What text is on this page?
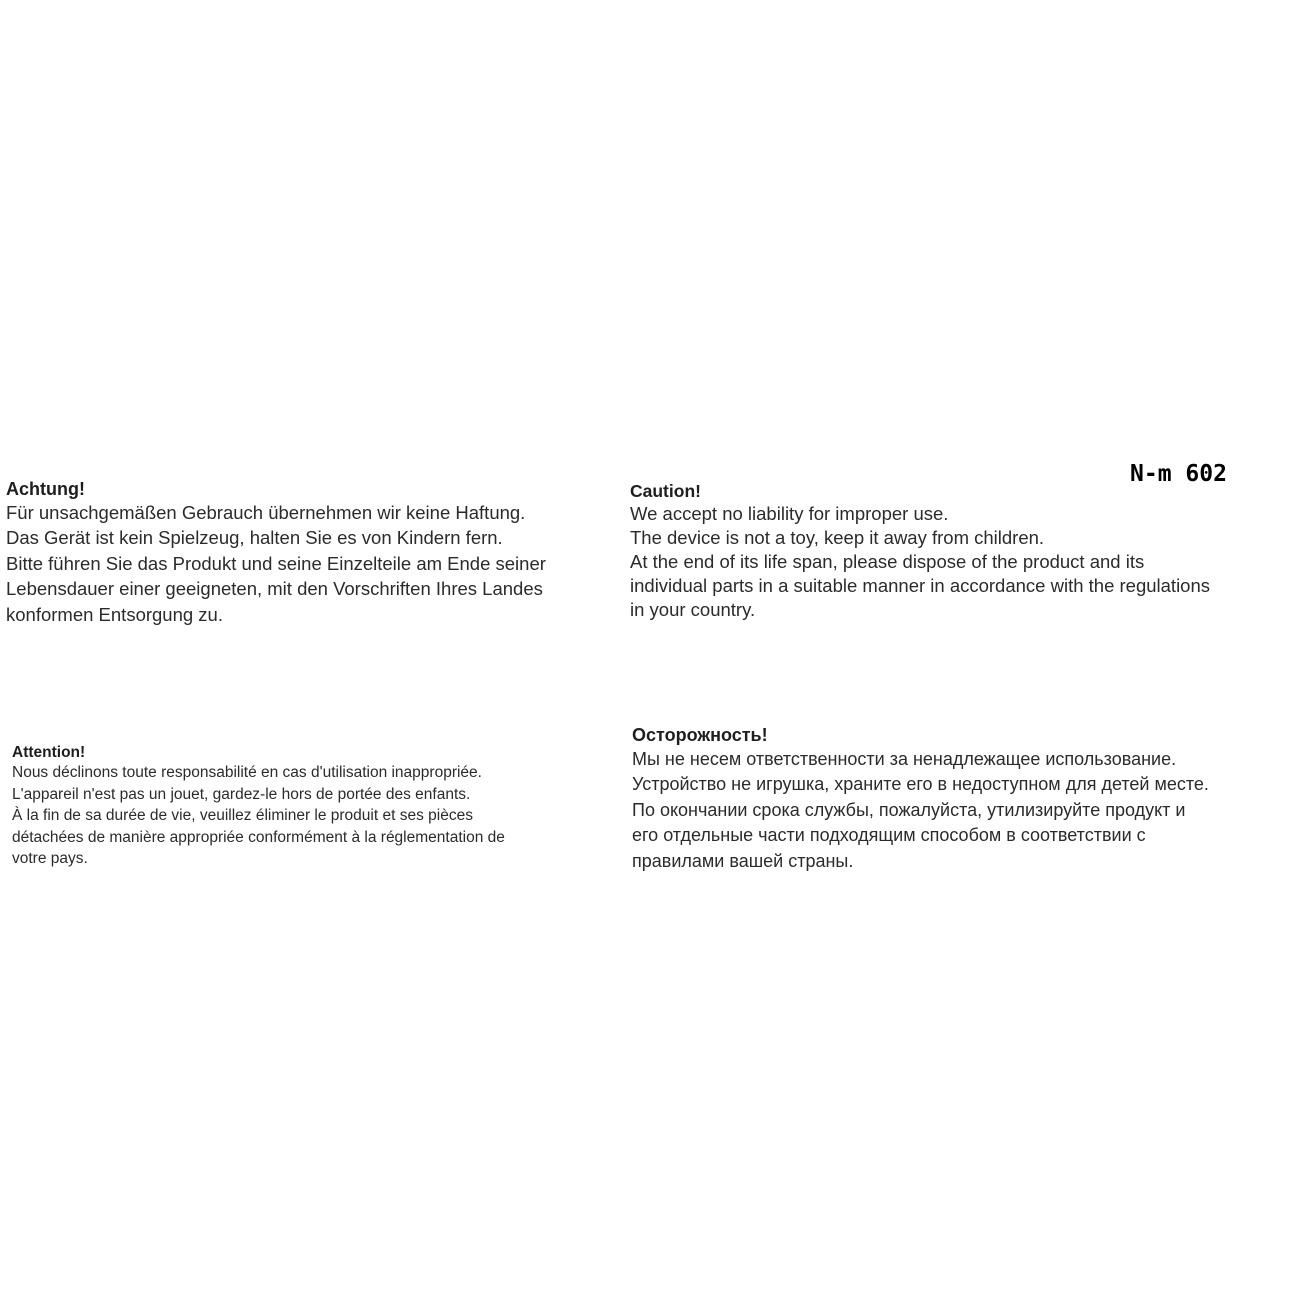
N-m 602

Achtung!

Für unsachgemäßen Gebrauch übernehmen wir keine Haftung.

Das Gerät ist kein Spielzeug, halten Sie es von Kindern fern.

Bitte führen Sie das Produkt und seine Einzelteile am Ende seiner

Lebensdauer einer geeigneten, mit den Vorschriften Ihres Landes

konformen Entsorgung zu.

Caution!

We accept no liability for improper use.

The device is not a toy, keep it away from children.

At the end of its life span, please dispose of the product and its

individual parts in a suitable manner in accordance with the regulations

in your country.

Attention!

Nous déclinons toute responsabilité en cas d'utilisation inappropriée.

L'appareil n'est pas un jouet, gardez-le hors de portée des enfants.

À la fin de sa durée de vie, veuillez éliminer le produit et ses pièces

détachées de manière appropriée conformément à la réglementation de

votre pays.

Осторожность!

Мы не несем ответственности за ненадлежащее использование.

Устройство не игрушка, храните его в недоступном для детей месте.

По окончании срока службы, пожалуйста, утилизируйте продукт и

его отдельные части подходящим способом в соответствии с

правилами вашей страны.
